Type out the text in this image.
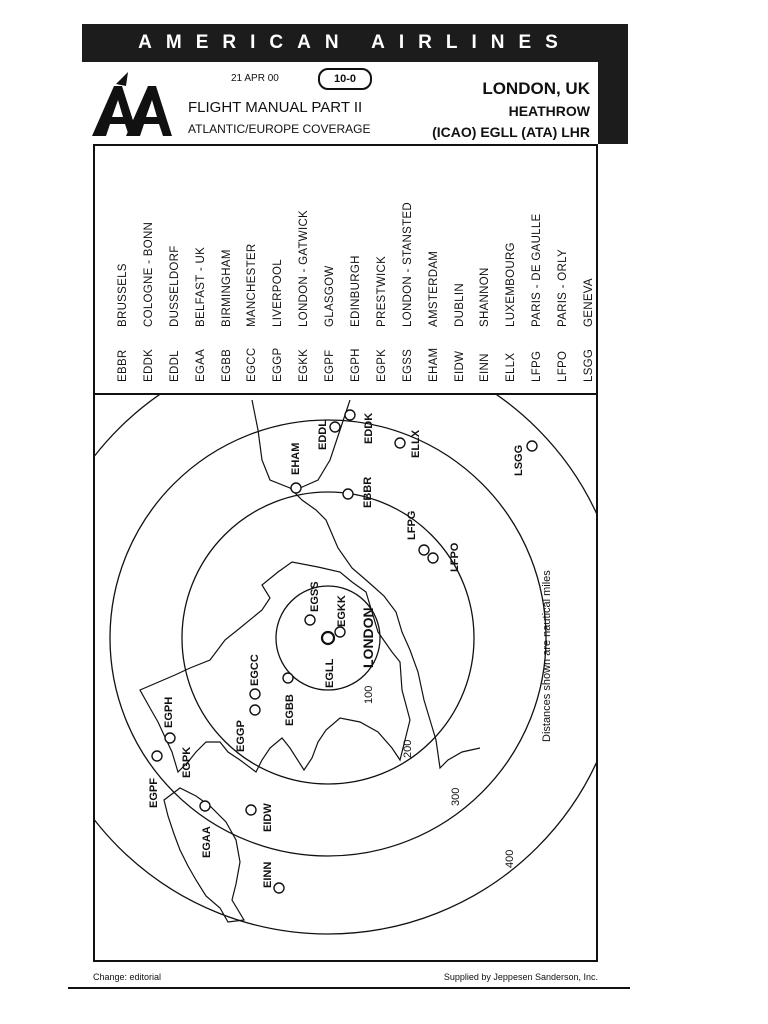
AMERICAN AIRLINES
21 APR 00	10-0
FLIGHT MANUAL PART II
ATLANTIC/EUROPE COVERAGE
LONDON, UK
HEATHROW
(ICAO) EGLL (ATA) LHR
EBBR
BRUSSELS
EDDK
COLOGNE - BONN
EDDL
DUSSELDORF
EGAA
BELFAST - UK
EGBB
BIRMINGHAM
EGCC
MANCHESTER
EGGP
LIVERPOOL
EGKK
LONDON - GATWICK
EGPF
GLASGOW
EGPH
EDINBURGH
EGPK
PRESTWICK
EGSS
LONDON - STANSTED
EHAM
AMSTERDAM
EIDW
DUBLIN
EINN
SHANNON
ELLX
LUXEMBOURG
LFPG
PARIS - DE GAULLE
LFPO
PARIS - ORLY
LSGG
GENEVA
EGLL
EGKK
EGSS
EGBB
EGCC
EGGP
EGPH
EGPK
EGPF
EGAA
EIDW
EINN
EHAM
EDDL	EDDK
EBBR
ELLX
LFPG
LFPO
LSGG
LONDON
100
200
300
400
Distances shown are nautical miles
Change: editorial	Supplied by Jeppesen Sanderson, Inc.
